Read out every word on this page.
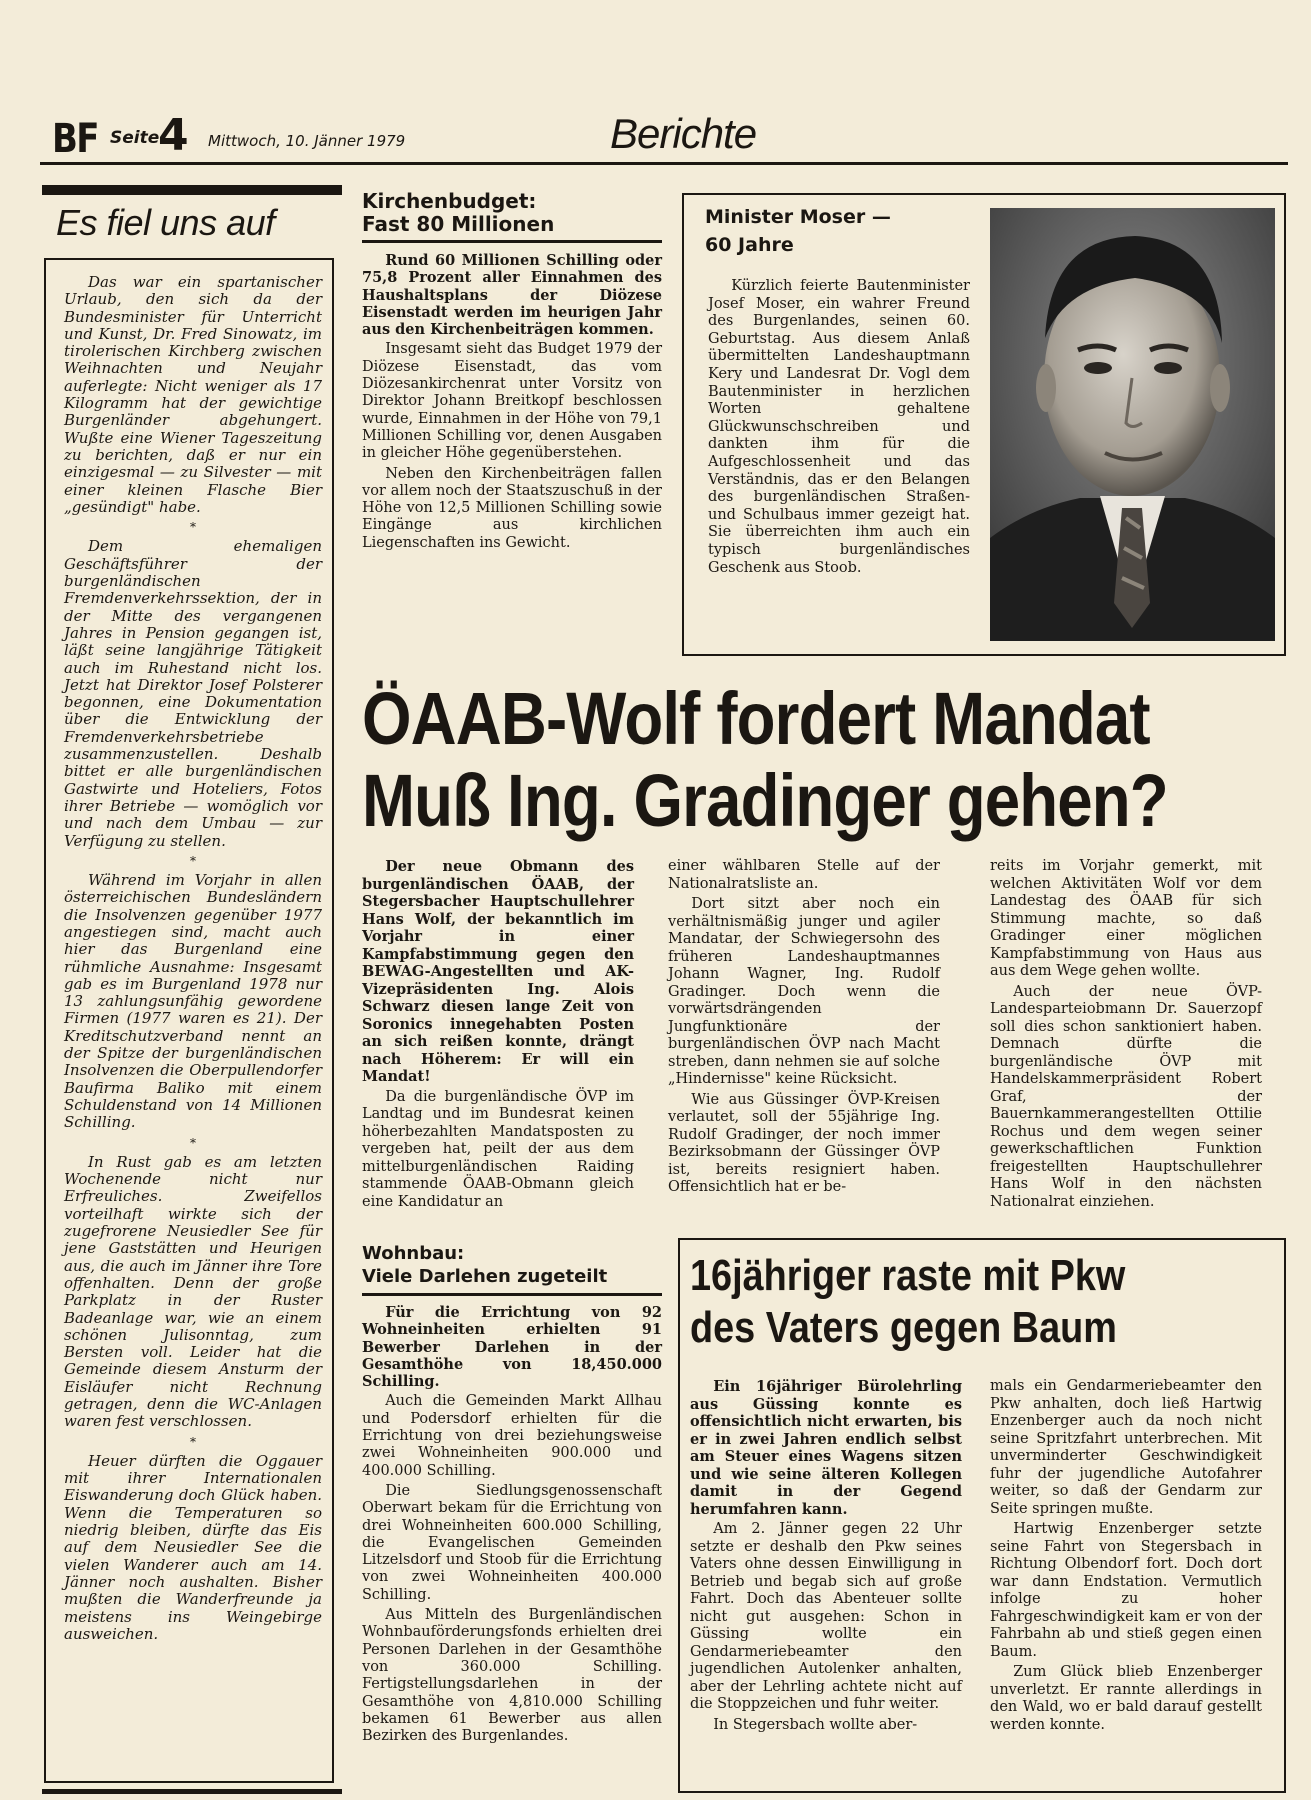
BF Seite
4 Mittwoch, 10. Jänner 1979	Berichte
Es fiel uns auf

Das war ein spartanischer Urlaub, den sich da der Bundesminister für Unterricht und Kunst, Dr. Fred Sinowatz, im tirolerischen Kirchberg zwischen Weihnachten und Neujahr auferlegte: Nicht weniger als 17 Kilogramm hat der gewichtige Burgenländer abgehungert. Wußte eine Wiener Tageszeitung zu berichten, daß er nur ein einzigesmal — zu Silvester — mit einer kleinen Flasche Bier „gesündigt" habe.

*

Dem ehemaligen Geschäftsführer der burgenländischen Fremdenverkehrssektion, der in der Mitte des vergangenen Jahres in Pension gegangen ist, läßt seine langjährige Tätigkeit auch im Ruhestand nicht los. Jetzt hat Direktor Josef Polsterer begonnen, eine Dokumentation über die Entwicklung der Fremdenverkehrsbetriebe zusammenzustellen. Deshalb bittet er alle burgenländischen Gastwirte und Hoteliers, Fotos ihrer Betriebe — womöglich vor und nach dem Umbau — zur Verfügung zu stellen.

*

Während im Vorjahr in allen österreichischen Bundesländern die Insolvenzen gegenüber 1977 angestiegen sind, macht auch hier das Burgenland eine rühmliche Ausnahme: Insgesamt gab es im Burgenland 1978 nur 13 zahlungsunfähig gewordene Firmen (1977 waren es 21). Der Kreditschutzverband nennt an der Spitze der burgenländischen Insolvenzen die Oberpullendorfer Baufirma Baliko mit einem Schuldenstand von 14 Millionen Schilling.

*

In Rust gab es am letzten Wochenende nicht nur Erfreuliches. Zweifellos vorteilhaft wirkte sich der zugefrorene Neusiedler See für jene Gaststätten und Heurigen aus, die auch im Jänner ihre Tore offenhalten. Denn der große Parkplatz in der Ruster Badeanlage war, wie an einem schönen Julisonntag, zum Bersten voll. Leider hat die Gemeinde diesem Ansturm der Eisläufer nicht Rechnung getragen, denn die WC-Anlagen waren fest verschlossen.

*

Heuer dürften die Oggauer mit ihrer Internationalen Eiswanderung doch Glück haben. Wenn die Temperaturen so niedrig bleiben, dürfte das Eis auf dem Neusiedler See die vielen Wanderer auch am 14. Jänner noch aushalten. Bisher mußten die Wanderfreunde ja meistens ins Weingebirge ausweichen.

Kirchenbudget:
Fast 80 Millionen

Rund 60 Millionen Schilling oder 75,8 Prozent aller Einnahmen des Haushaltsplans der Diözese Eisenstadt werden im heurigen Jahr aus den Kirchenbeiträgen kommen.

Insgesamt sieht das Budget 1979 der Diözese Eisenstadt, das vom Diözesankirchenrat unter Vorsitz von Direktor Johann Breitkopf beschlossen wurde, Einnahmen in der Höhe von 79,1 Millionen Schilling vor, denen Ausgaben in gleicher Höhe gegenüberstehen.

Neben den Kirchenbeiträgen fallen vor allem noch der Staatszuschuß in der Höhe von 12,5 Millionen Schilling sowie Eingänge aus kirchlichen Liegenschaften ins Gewicht.

Minister Moser —
60 Jahre

Kürzlich feierte Bautenminister Josef Moser, ein wahrer Freund des Burgenlandes, seinen 60. Geburtstag. Aus diesem Anlaß übermittelten Landeshauptmann Kery und Landesrat Dr. Vogl dem Bautenminister in herzlichen Worten gehaltene Glückwunschschreiben und dankten ihm für die Aufgeschlossenheit und das Verständnis, das er den Belangen des burgenländischen Straßen- und Schulbaus immer gezeigt hat. Sie überreichten ihm auch ein typisch burgenländisches Geschenk aus Stoob.

ÖAAB-Wolf fordert Mandat
Muß Ing. Gradinger gehen?

Der neue Obmann des burgenländischen ÖAAB, der Stegersbacher Hauptschullehrer Hans Wolf, der bekanntlich im Vorjahr in einer Kampfabstimmung gegen den BEWAG-Angestellten und AK-Vizepräsidenten Ing. Alois Schwarz diesen lange Zeit von Soronics innegehabten Posten an sich reißen konnte, drängt nach Höherem: Er will ein Mandat!

Da die burgenländische ÖVP im Landtag und im Bundesrat keinen höherbezahlten Mandatsposten zu vergeben hat, peilt der aus dem mittelburgenländischen Raiding stammende ÖAAB-Obmann gleich eine Kandidatur an

einer wählbaren Stelle auf der Nationalratsliste an.

Dort sitzt aber noch ein verhältnismäßig junger und agiler Mandatar, der Schwiegersohn des früheren Landeshauptmannes Johann Wagner, Ing. Rudolf Gradinger. Doch wenn die vorwärtsdrängenden Jungfunktionäre der burgenländischen ÖVP nach Macht streben, dann nehmen sie auf solche „Hindernisse" keine Rücksicht.

Wie aus Güssinger ÖVP-Kreisen verlautet, soll der 55jährige Ing. Rudolf Gradinger, der noch immer Bezirksobmann der Güssinger ÖVP ist, bereits resigniert haben. Offensichtlich hat er be-

reits im Vorjahr gemerkt, mit welchen Aktivitäten Wolf vor dem Landestag des ÖAAB für sich Stimmung machte, so daß Gradinger einer möglichen Kampfabstimmung von Haus aus aus dem Wege gehen wollte.

Auch der neue ÖVP-Landesparteiobmann Dr. Sauerzopf soll dies schon sanktioniert haben. Demnach dürfte die burgenländische ÖVP mit Handelskammerpräsident Robert Graf, der Bauernkammerangestellten Ottilie Rochus und dem wegen seiner gewerkschaftlichen Funktion freigestellten Hauptschullehrer Hans Wolf in den nächsten Nationalrat einziehen.

Wohnbau:
Viele Darlehen zugeteilt

Für die Errichtung von 92 Wohneinheiten erhielten 91 Bewerber Darlehen in der Gesamthöhe von 18,450.000 Schilling.

Auch die Gemeinden Markt Allhau und Podersdorf erhielten für die Errichtung von drei beziehungsweise zwei Wohneinheiten 900.000 und 400.000 Schilling.

Die Siedlungsgenossenschaft Oberwart bekam für die Errichtung von drei Wohneinheiten 600.000 Schilling, die Evangelischen Gemeinden Litzelsdorf und Stoob für die Errichtung von zwei Wohneinheiten 400.000 Schilling.

Aus Mitteln des Burgenländischen Wohnbauförderungsfonds erhielten drei Personen Darlehen in der Gesamthöhe von 360.000 Schilling. Fertigstellungsdarlehen in der Gesamthöhe von 4,810.000 Schilling bekamen 61 Bewerber aus allen Bezirken des Burgenlandes.

16jähriger raste mit Pkw
des Vaters gegen Baum

Ein 16jähriger Bürolehrling aus Güssing konnte es offensichtlich nicht erwarten, bis er in zwei Jahren endlich selbst am Steuer eines Wagens sitzen und wie seine älteren Kollegen damit in der Gegend herumfahren kann.

Am 2. Jänner gegen 22 Uhr setzte er deshalb den Pkw seines Vaters ohne dessen Einwilligung in Betrieb und begab sich auf große Fahrt. Doch das Abenteuer sollte nicht gut ausgehen: Schon in Güssing wollte ein Gendarmeriebeamter den jugendlichen Autolenker anhalten, aber der Lehrling achtete nicht auf die Stoppzeichen und fuhr weiter.

In Stegersbach wollte aber-

mals ein Gendarmeriebeamter den Pkw anhalten, doch ließ Hartwig Enzenberger auch da noch nicht seine Spritzfahrt unterbrechen. Mit unverminderter Geschwindigkeit fuhr der jugendliche Autofahrer weiter, so daß der Gendarm zur Seite springen mußte.

Hartwig Enzenberger setzte seine Fahrt von Stegersbach in Richtung Olbendorf fort. Doch dort war dann Endstation. Vermutlich infolge zu hoher Fahrgeschwindigkeit kam er von der Fahrbahn ab und stieß gegen einen Baum.

Zum Glück blieb Enzenberger unverletzt. Er rannte allerdings in den Wald, wo er bald darauf gestellt werden konnte.
